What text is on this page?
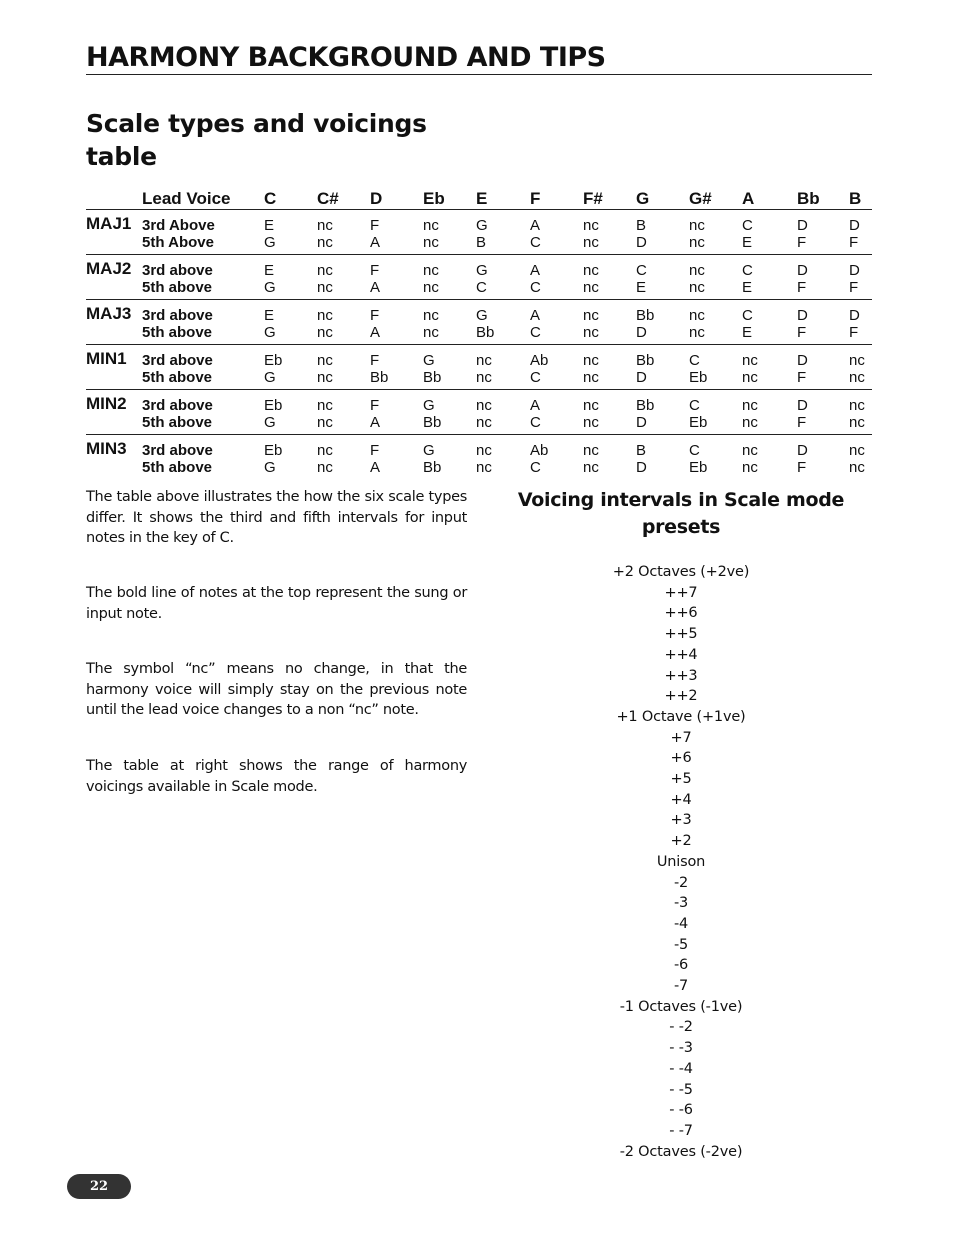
HARMONY BACKGROUND AND TIPS
Scale types and voicings table
	Lead Voice	C	C#	D	Eb	E	F	F#	G	G#	A	Bb	B
MAJ1	3rd Above	E	nc	F	nc	G	A	nc	B	nc	C	D	D
	5th Above	G	nc	A	nc	B	C	nc	D	nc	E	F	F
MAJ2	3rd above	E	nc	F	nc	G	A	nc	C	nc	C	D	D
	5th above	G	nc	A	nc	C	C	nc	E	nc	E	F	F
MAJ3	3rd above	E	nc	F	nc	G	A	nc	Bb	nc	C	D	D
	5th above	G	nc	A	nc	Bb	C	nc	D	nc	E	F	F
MIN1	3rd above	Eb	nc	F	G	nc	Ab	nc	Bb	C	nc	D	nc
	5th above	G	nc	Bb	Bb	nc	C	nc	D	Eb	nc	F	nc
MIN2	3rd above	Eb	nc	F	G	nc	A	nc	Bb	C	nc	D	nc
	5th above	G	nc	A	Bb	nc	C	nc	D	Eb	nc	F	nc
MIN3	3rd above	Eb	nc	F	G	nc	Ab	nc	B	C	nc	D	nc
	5th above	G	nc	A	Bb	nc	C	nc	D	Eb	nc	F	nc

The table above illustrates the how the six scale types differ. It shows the third and fifth intervals for input notes in the key of C.

The bold line of notes at the top represent the sung or input note.

The symbol “nc” means no change, in that the harmony voice will simply stay on the previous note until the lead voice changes to a non “nc” note.

The table at right shows the range of harmony voicings available in Scale mode.

Voicing intervals in Scale mode presets
+2 Octaves (+2ve)
++7
++6
++5
++4
++3
++2
+1 Octave (+1ve)
+7
+6
+5
+4
+3
+2
Unison
-2
-3
-4
-5
-6
-7
-1 Octaves (-1ve)
- -2
- -3
- -4
- -5
- -6
- -7
-2 Octaves (-2ve)
22
